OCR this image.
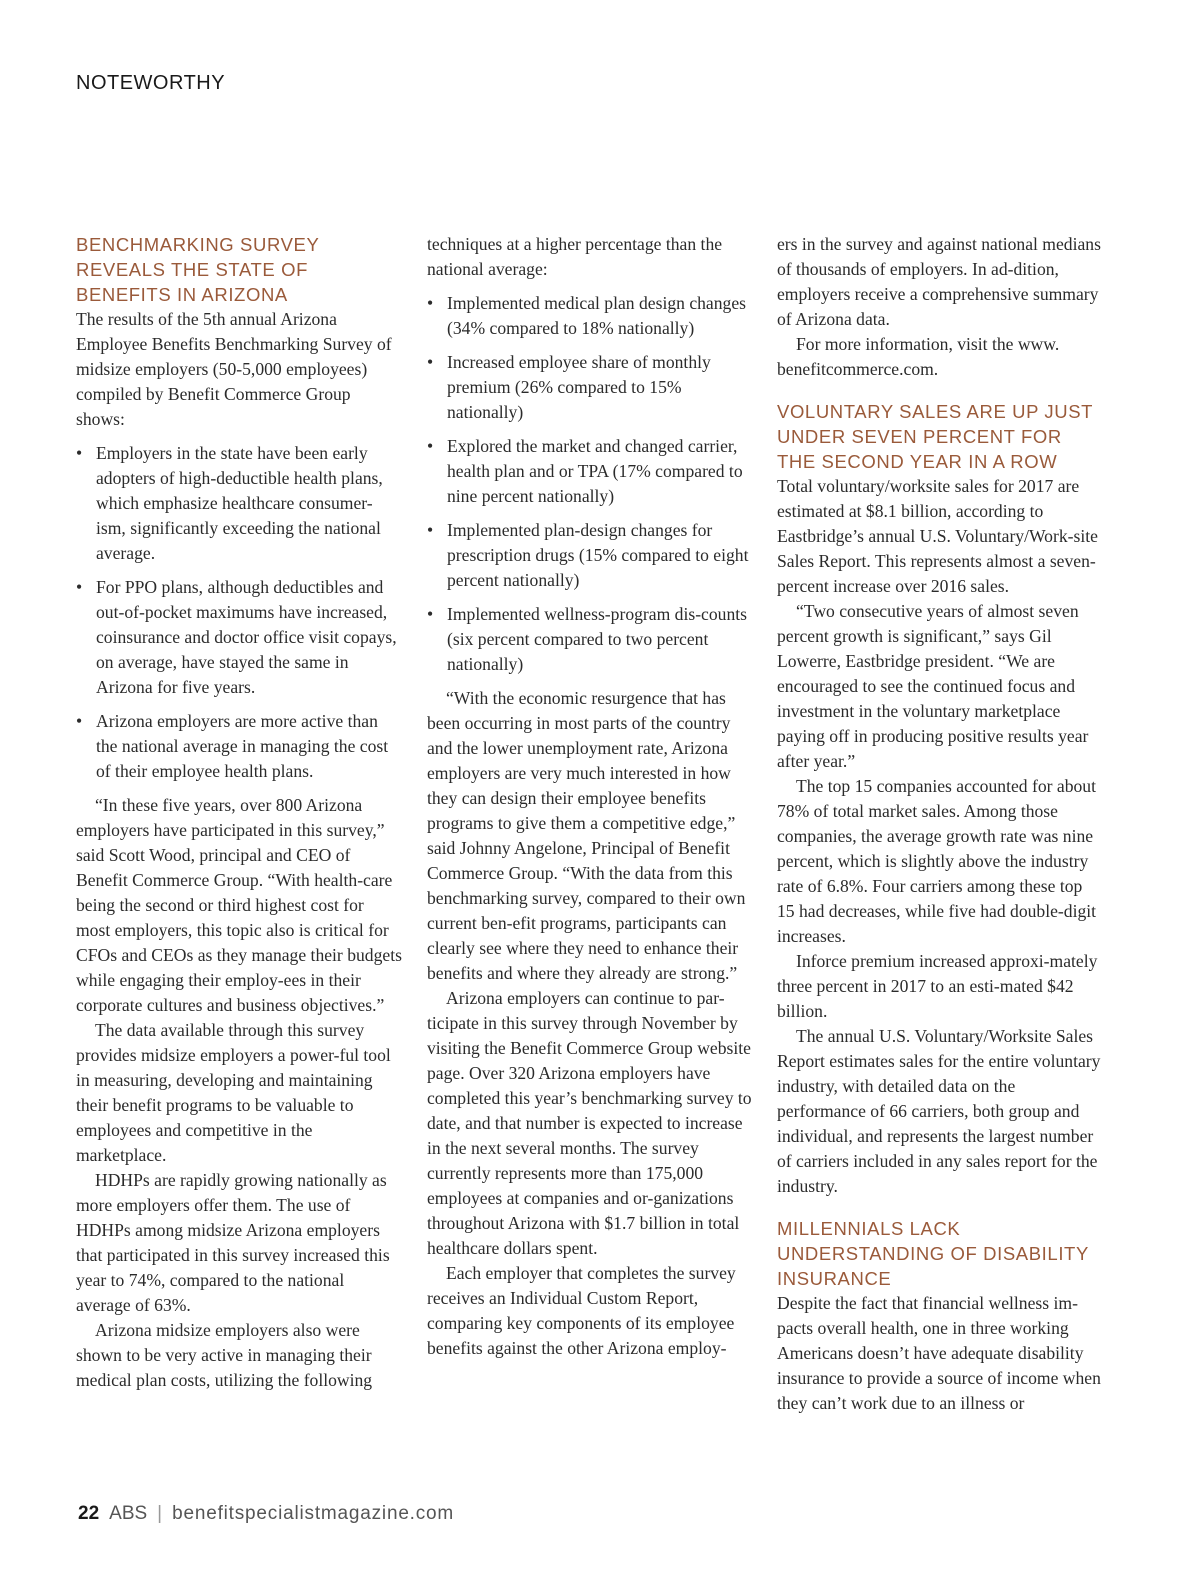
NOTEWORTHY
BENCHMARKING SURVEY REVEALS THE STATE OF BENEFITS IN ARIZONA

The results of the 5th annual Arizona Employee Benefits Benchmarking Survey of midsize employers (50-5,000 employees) compiled by Benefit Commerce Group shows:

• Employers in the state have been early adopters of high-deductible health plans, which emphasize healthcare consumer-ism, significantly exceeding the national average.
• For PPO plans, although deductibles and out-of-pocket maximums have increased, coinsurance and doctor office visit copays, on average, have stayed the same in Arizona for five years.
• Arizona employers are more active than the national average in managing the cost of their employee health plans.

“In these five years, over 800 Arizona employers have participated in this survey,” said Scott Wood, principal and CEO of Benefit Commerce Group. “With health-care being the second or third highest cost for most employers, this topic also is critical for CFOs and CEOs as they manage their budgets while engaging their employ-ees in their corporate cultures and business objectives.”

The data available through this survey provides midsize employers a power-ful tool in measuring, developing and maintaining their benefit programs to be valuable to employees and competitive in the marketplace.

HDHPs are rapidly growing nationally as more employers offer them. The use of HDHPs among midsize Arizona employers that participated in this survey increased this year to 74%, compared to the national average of 63%.

Arizona midsize employers also were shown to be very active in managing their medical plan costs, utilizing the following

techniques at a higher percentage than the national average:

• Implemented medical plan design changes (34% compared to 18% nationally)
• Increased employee share of monthly premium (26% compared to 15% nationally)
• Explored the market and changed carrier, health plan and or TPA (17% compared to nine percent nationally)
• Implemented plan-design changes for prescription drugs (15% compared to eight percent nationally)
• Implemented wellness-program dis-counts (six percent compared to two percent nationally)

“With the economic resurgence that has been occurring in most parts of the country and the lower unemployment rate, Arizona employers are very much interested in how they can design their employee benefits programs to give them a competitive edge,” said Johnny Angelone, Principal of Benefit Commerce Group. “With the data from this benchmarking survey, compared to their own current ben-efit programs, participants can clearly see where they need to enhance their benefits and where they already are strong.”

Arizona employers can continue to par-ticipate in this survey through November by visiting the Benefit Commerce Group website page. Over 320 Arizona employers have completed this year’s benchmarking survey to date, and that number is expected to increase in the next several months. The survey currently represents more than 175,000 employees at companies and or-ganizations throughout Arizona with $1.7 billion in total healthcare dollars spent.

Each employer that completes the survey receives an Individual Custom Report, comparing key components of its employee benefits against the other Arizona employ-

ers in the survey and against national medians of thousands of employers. In ad-dition, employers receive a comprehensive summary of Arizona data.

For more information, visit the www. benefitcommerce.com.

VOLUNTARY SALES ARE UP JUST UNDER SEVEN PERCENT FOR THE SECOND YEAR IN A ROW

Total voluntary/worksite sales for 2017 are estimated at $8.1 billion, according to Eastbridge’s annual U.S. Voluntary/Work-site Sales Report. This represents almost a seven-percent increase over 2016 sales.

“Two consecutive years of almost seven percent growth is significant,” says Gil Lowerre, Eastbridge president. “We are encouraged to see the continued focus and investment in the voluntary marketplace paying off in producing positive results year after year.”

The top 15 companies accounted for about 78% of total market sales. Among those companies, the average growth rate was nine percent, which is slightly above the industry rate of 6.8%. Four carriers among these top 15 had decreases, while five had double-digit increases.

Inforce premium increased approxi-mately three percent in 2017 to an esti-mated $42 billion.

The annual U.S. Voluntary/Worksite Sales Report estimates sales for the entire voluntary industry, with detailed data on the performance of 66 carriers, both group and individual, and represents the largest number of carriers included in any sales report for the industry.

MILLENNIALS LACK UNDERSTANDING OF DISABILITY INSURANCE

Despite the fact that financial wellness im-pacts overall health, one in three working Americans doesn’t have adequate disability insurance to provide a source of income when they can’t work due to an illness or

22 ABS | benefitspecialistmagazine.com
